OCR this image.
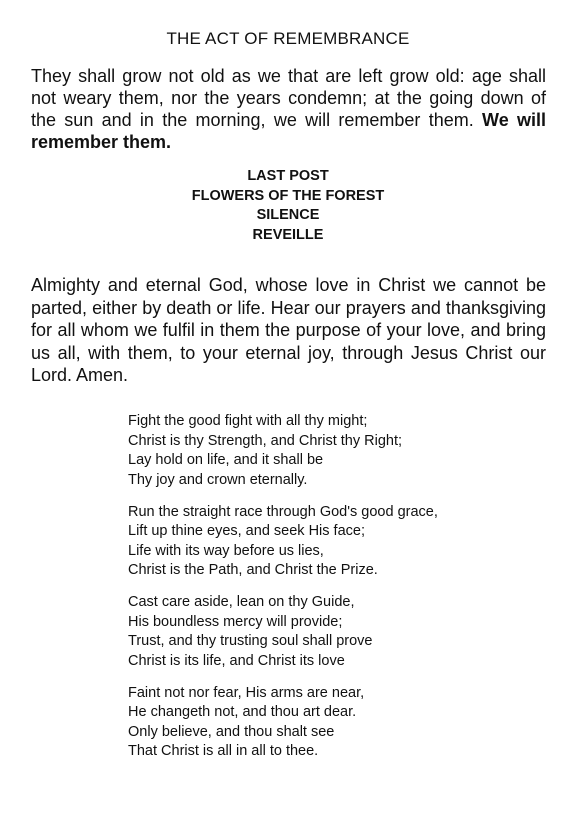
THE ACT OF REMEMBRANCE
They shall grow not old as we that are left grow old: age shall not weary them, nor the years condemn; at the going down of the sun and in the morning, we will remember them. We will remember them.
LAST POST
FLOWERS OF THE FOREST
SILENCE
REVEILLE
Almighty and eternal God, whose love in Christ we cannot be parted, either by death or life. Hear our prayers and thanksgiving for all whom we fulfil in them the purpose of your love, and bring us all, with them, to your eternal joy, through Jesus Christ our Lord. Amen.
Fight the good fight with all thy might;
Christ is thy Strength, and Christ thy Right;
Lay hold on life, and it shall be
Thy joy and crown eternally.
Run the straight race through God's good grace,
Lift up thine eyes, and seek His face;
Life with its way before us lies,
Christ is the Path, and Christ the Prize.
Cast care aside, lean on thy Guide,
His boundless mercy will provide;
Trust, and thy trusting soul shall prove
Christ is its life, and Christ its love
Faint not nor fear, His arms are near,
He changeth not, and thou art dear.
Only believe, and thou shalt see
That Christ is all in all to thee.
